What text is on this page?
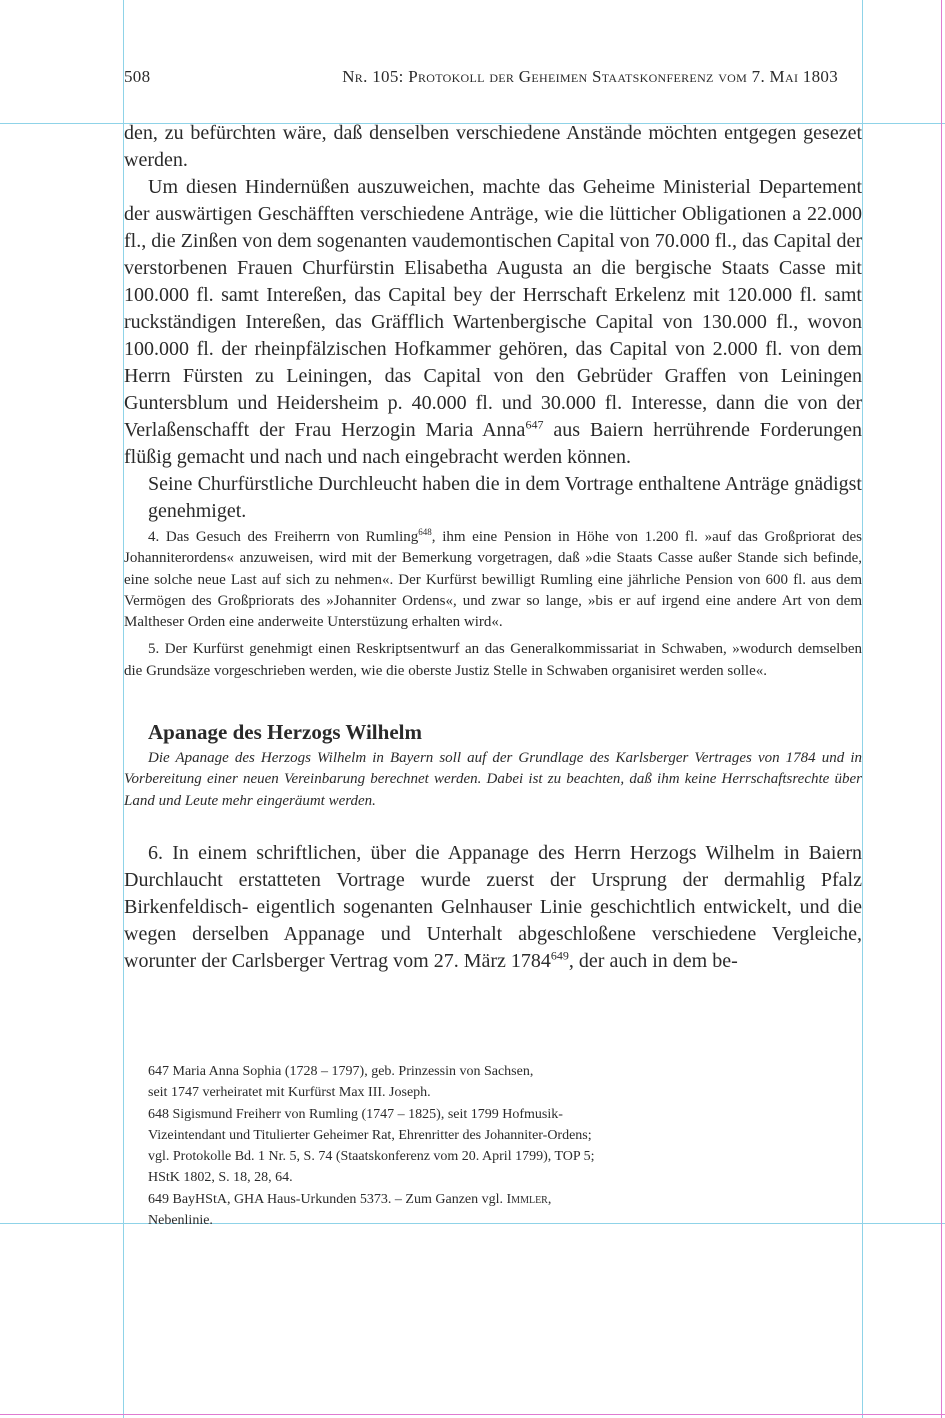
508	Nr. 105: Protokoll der Geheimen Staatskonferenz vom 7. Mai 1803

den, zu befürchten wäre, daß denselben verschiedene Anstände möchten entgegen gesezet werden.

Um diesen Hindernüßen auszuweichen, machte das Geheime Ministerial Departement der auswärtigen Geschäfften verschiedene Anträge, wie die lütticher Obligationen a 22.000 fl., die Zinßen von dem sogenanten vaudemontischen Capital von 70.000 fl., das Capital der verstorbenen Frauen Churfürstin Elisabetha Augusta an die bergische Staats Casse mit 100.000 fl. samt Intereßen, das Capital bey der Herrschaft Erkelenz mit 120.000 fl. samt ruckständigen Intereßen, das Gräfflich Wartenbergische Capital von 130.000 fl., wovon 100.000 fl. der rheinpfälzischen Hofkammer gehören, das Capital von 2.000 fl. von dem Herrn Fürsten zu Leiningen, das Capital von den Gebrüder Graffen von Leiningen Guntersblum und Heidersheim p. 40.000 fl. und 30.000 fl. Interesse, dann die von der Verlaßenschafft der Frau Herzogin Maria Anna$^{647}$ aus Baiern herrührende Forderungen flüßig gemacht und nach und nach eingebracht werden können.

Seine Churfürstliche Durchleucht haben die in dem Vortrage enthaltene Anträge gnädigst genehmiget.

4. Das Gesuch des Freiherrn von Rumling$^{648}$, ihm eine Pension in Höhe von 1.200 fl. »auf das Großpriorat des Johanniterordens« anzuweisen, wird mit der Bemerkung vorgetragen, daß »die Staats Casse außer Stande sich befinde, eine solche neue Last auf sich zu nehmen«. Der Kurfürst bewilligt Rumling eine jährliche Pension von 600 fl. aus dem Vermögen des Großpriorats des »Johanniter Ordens«, und zwar so lange, »bis er auf irgend eine andere Art von dem Maltheser Orden eine anderweite Unterstüzung erhalten wird«.

5. Der Kurfürst genehmigt einen Reskriptsentwurf an das Generalkommissariat in Schwaben, »wodurch demselben die Grundsäze vorgeschrieben werden, wie die oberste Justiz Stelle in Schwaben organisiret werden solle«.

Apanage des Herzogs Wilhelm

Die Apanage des Herzogs Wilhelm in Bayern soll auf der Grundlage des Karlsberger Vertrages von 1784 und in Vorbereitung einer neuen Vereinbarung berechnet werden. Dabei ist zu beachten, daß ihm keine Herrschaftsrechte über Land und Leute mehr eingeräumt werden.

6. In einem schriftlichen, über die Appanage des Herrn Herzogs Wilhelm in Baiern Durchlaucht erstatteten Vortrage wurde zuerst der Ursprung der dermahlig Pfalz Birkenfeldisch- eigentlich sogenanten Gelnhauser Linie geschichtlich entwickelt, und die wegen derselben Appanage und Unterhalt abgeschloßene verschiedene Vergleiche, worunter der Carlsberger Vertrag vom 27. März 1784$^{649}$, der auch in dem be-

647 Maria Anna Sophia (1728 – 1797), geb. Prinzessin von Sachsen,
seit 1747 verheiratet mit Kurfürst Max III. Joseph.
648 Sigismund Freiherr von Rumling (1747 – 1825), seit 1799 Hofmusik-
Vizeintendant und Titulierter Geheimer Rat, Ehrenritter des Johanniter-Ordens;
vgl. Protokolle Bd. 1 Nr. 5, S. 74 (Staatskonferenz vom 20. April 1799), TOP 5;
HStK 1802, S. 18, 28, 64.
649 BayHStA, GHA Haus-Urkunden 5373. – Zum Ganzen vgl. Immler,
Nebenlinie.
